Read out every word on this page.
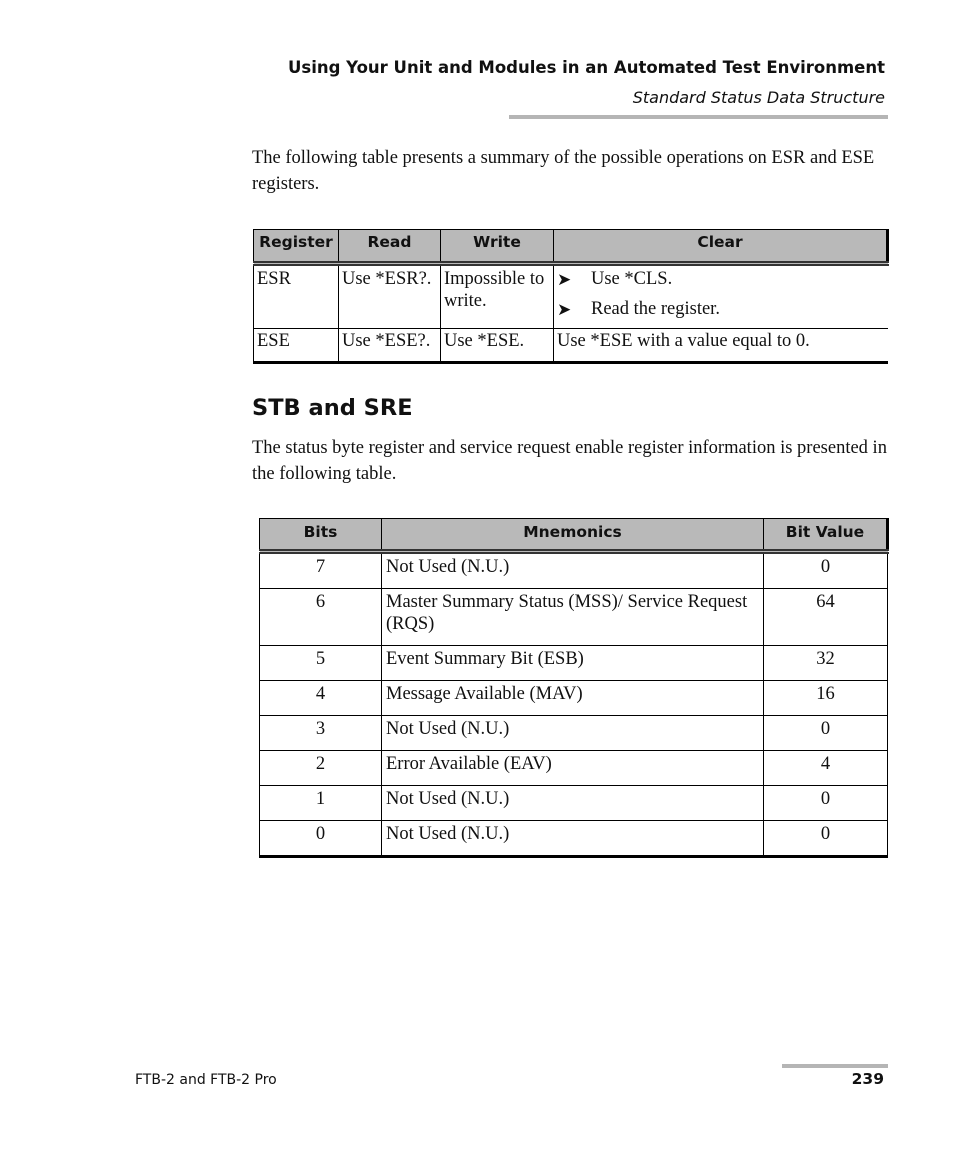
Using Your Unit and Modules in an Automated Test Environment
Standard Status Data Structure
The following table presents a summary of the possible operations on ESR and ESE registers.
Register	Read	Write	Clear
ESR	Use *ESR?.	Impossible to write.	➤ Use *CLS.
➤ Read the register.

ESE	Use *ESE?.	Use *ESE.	Use *ESE with a value equal to 0.
STB and SRE
The status byte register and service request enable register information is presented in the following table.
Bits	Mnemonics	Bit Value
7	Not Used (N.U.)	0
6	Master Summary Status (MSS)/ Service Request (RQS)	64
5	Event Summary Bit (ESB)	32
4	Message Available (MAV)	16
3	Not Used (N.U.)	0
2	Error Available (EAV)	4
1	Not Used (N.U.)	0
0	Not Used (N.U.)	0
FTB-2 and FTB-2 Pro	239
